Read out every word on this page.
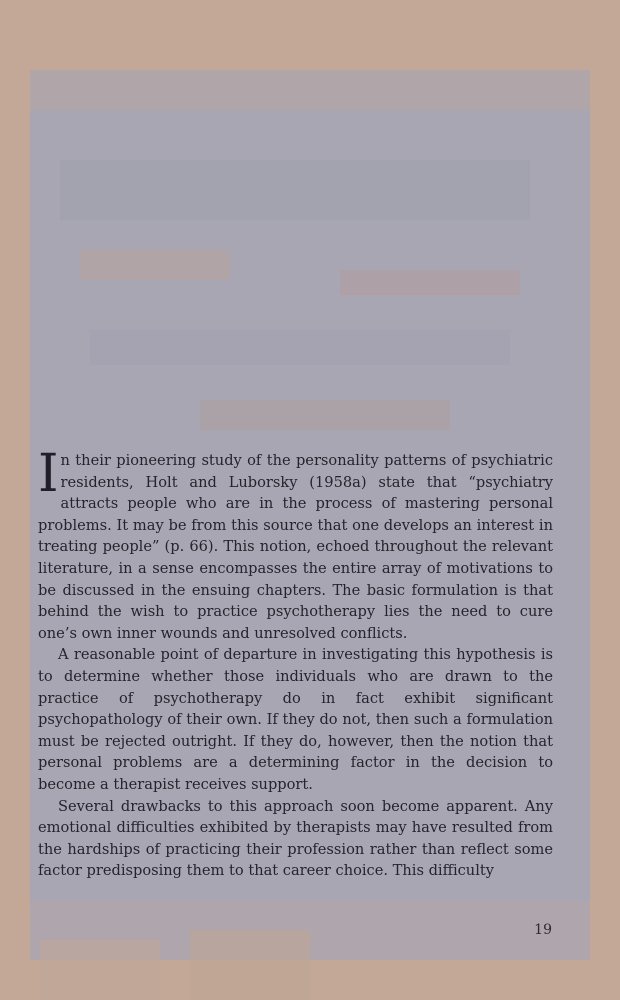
In their pioneering study of the personality patterns of psychiatric residents, Holt and Luborsky (1958a) state that “psychiatry attracts people who are in the process of mastering personal problems. It may be from this source that one develops an interest in treating people” (p. 66). This notion, echoed throughout the relevant literature, in a sense encompasses the entire array of motivations to be discussed in the ensuing chapters. The basic formulation is that behind the wish to practice psychotherapy lies the need to cure one’s own inner wounds and unresolved conflicts.

A reasonable point of departure in investigating this hypothesis is to determine whether those individuals who are drawn to the practice of psychotherapy do in fact exhibit significant psychopathology of their own. If they do not, then such a formulation must be rejected outright. If they do, however, then the notion that personal problems are a determining factor in the decision to become a therapist receives support.

Several drawbacks to this approach soon become apparent. Any emotional difficulties exhibited by therapists may have resulted from the hardships of practicing their profession rather than reflect some factor predisposing them to that career choice. This difficulty

19
